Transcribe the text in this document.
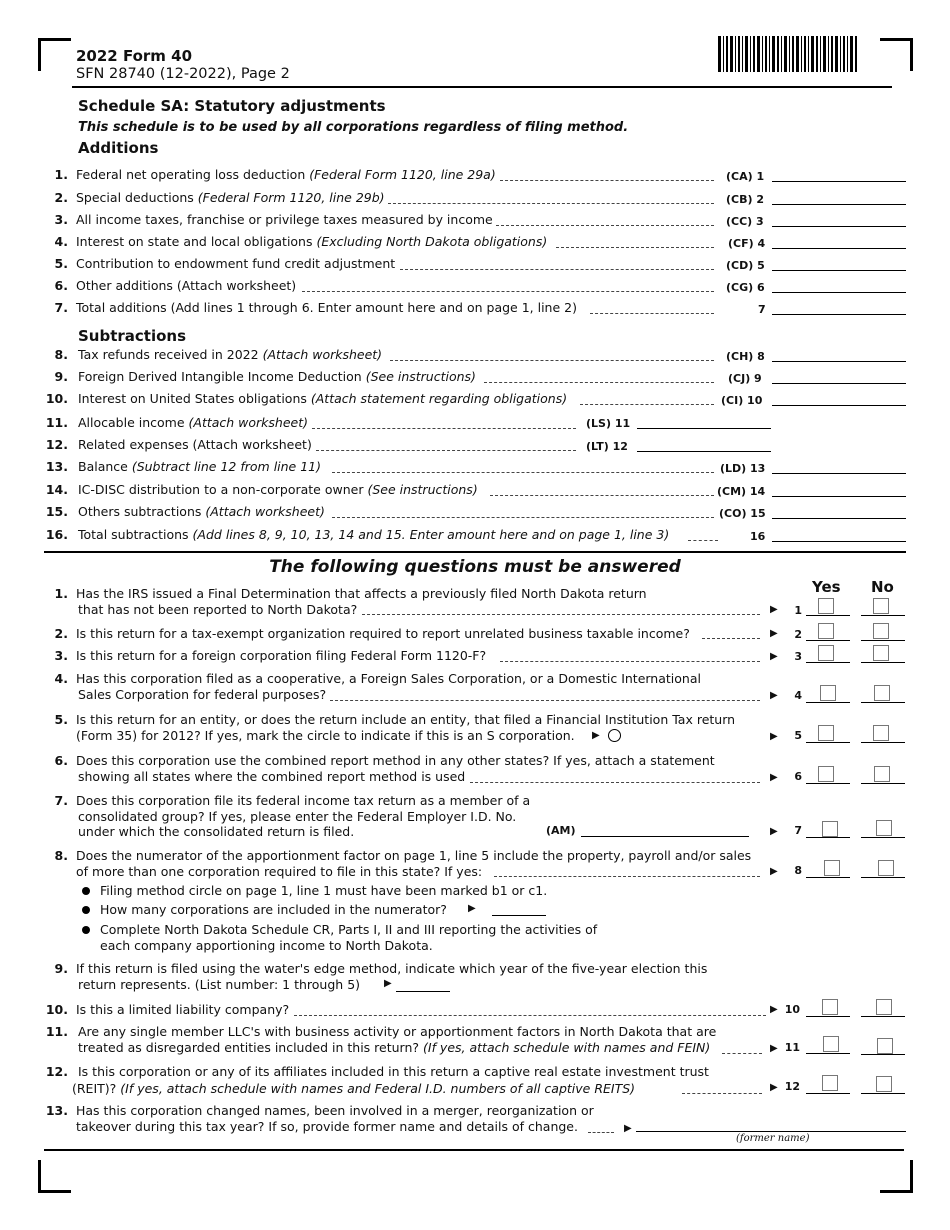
2022 Form 40
SFN 28740 (12-2022), Page 2
Schedule SA: Statutory adjustments
This schedule is to be used by all corporations regardless of filing method.
Additions
1. Federal net operating loss deduction (Federal Form 1120, line 29a)	(CA) 1
2. Special deductions (Federal Form 1120, line 29b)	(CB) 2
3. All income taxes, franchise or privilege taxes measured by income	(CC) 3
4. Interest on state and local obligations (Excluding North Dakota obligations)	(CF) 4
5. Contribution to endowment fund credit adjustment	(CD) 5
6. Other additions (Attach worksheet)	(CG) 6
7. Total additions (Add lines 1 through 6. Enter amount here and on page 1, line 2)	7
Subtractions
8. Tax refunds received in 2022 (Attach worksheet)	(CH) 8
9. Foreign Derived Intangible Income Deduction (See instructions)	(CJ) 9
10. Interest on United States obligations (Attach statement regarding obligations)	(CI) 10
11. Allocable income (Attach worksheet)	(LS) 11
12. Related expenses (Attach worksheet)	(LT) 12
13. Balance (Subtract line 12 from line 11)	(LD) 13
14. IC-DISC distribution to a non-corporate owner (See instructions)	(CM) 14
15. Others subtractions (Attach worksheet)	(CO) 15
16. Total subtractions (Add lines 8, 9, 10, 13, 14 and 15. Enter amount here and on page 1, line 3)	16
The following questions must be answered
Yes No
1. Has the IRS issued a Final Determination that affects a previously filed North Dakota return
that has not been reported to North Dakota?	▶	1
2. Is this return for a tax-exempt organization required to report unrelated business taxable income?	▶	2
3. Is this return for a foreign corporation filing Federal Form 1120-F?	▶	3
4. Has this corporation filed as a cooperative, a Foreign Sales Corporation, or a Domestic International
Sales Corporation for federal purposes?	▶	4
5. Is this return for an entity, or does the return include an entity, that filed a Financial Institution Tax return
(Form 35) for 2012? If yes, mark the circle to indicate if this is an S corporation. ▶	▶	5
6. Does this corporation use the combined report method in any other states? If yes, attach a statement
showing all states where the combined report method is used	▶	6
7. Does this corporation file its federal income tax return as a member of a
consolidated group? If yes, please enter the Federal Employer I.D. No.
under which the consolidated return is filed.	(AM)	▶	7
8. Does the numerator of the apportionment factor on page 1, line 5 include the property, payroll and/or sales
of more than one corporation required to file in this state? If yes:	▶	8
Filing method circle on page 1, line 1 must have been marked b1 or c1.
How many corporations are included in the numerator? ▶
Complete North Dakota Schedule CR, Parts I, II and III reporting the activities of
each company apportioning income to North Dakota.
9. If this return is filed using the water's edge method, indicate which year of the five-year election this
return represents. (List number: 1 through 5) ▶
10. Is this a limited liability company?	▶ 10
11. Are any single member LLC's with business activity or apportionment factors in North Dakota that are
treated as disregarded entities included in this return? (If yes, attach schedule with names and FEIN)	▶ 11
12. Is this corporation or any of its affiliates included in this return a captive real estate investment trust
(REIT)? (If yes, attach schedule with names and Federal I.D. numbers of all captive REITS)	▶ 12
13. Has this corporation changed names, been involved in a merger, reorganization or
takeover during this tax year? If so, provide former name and details of change.	▶
(former name)
